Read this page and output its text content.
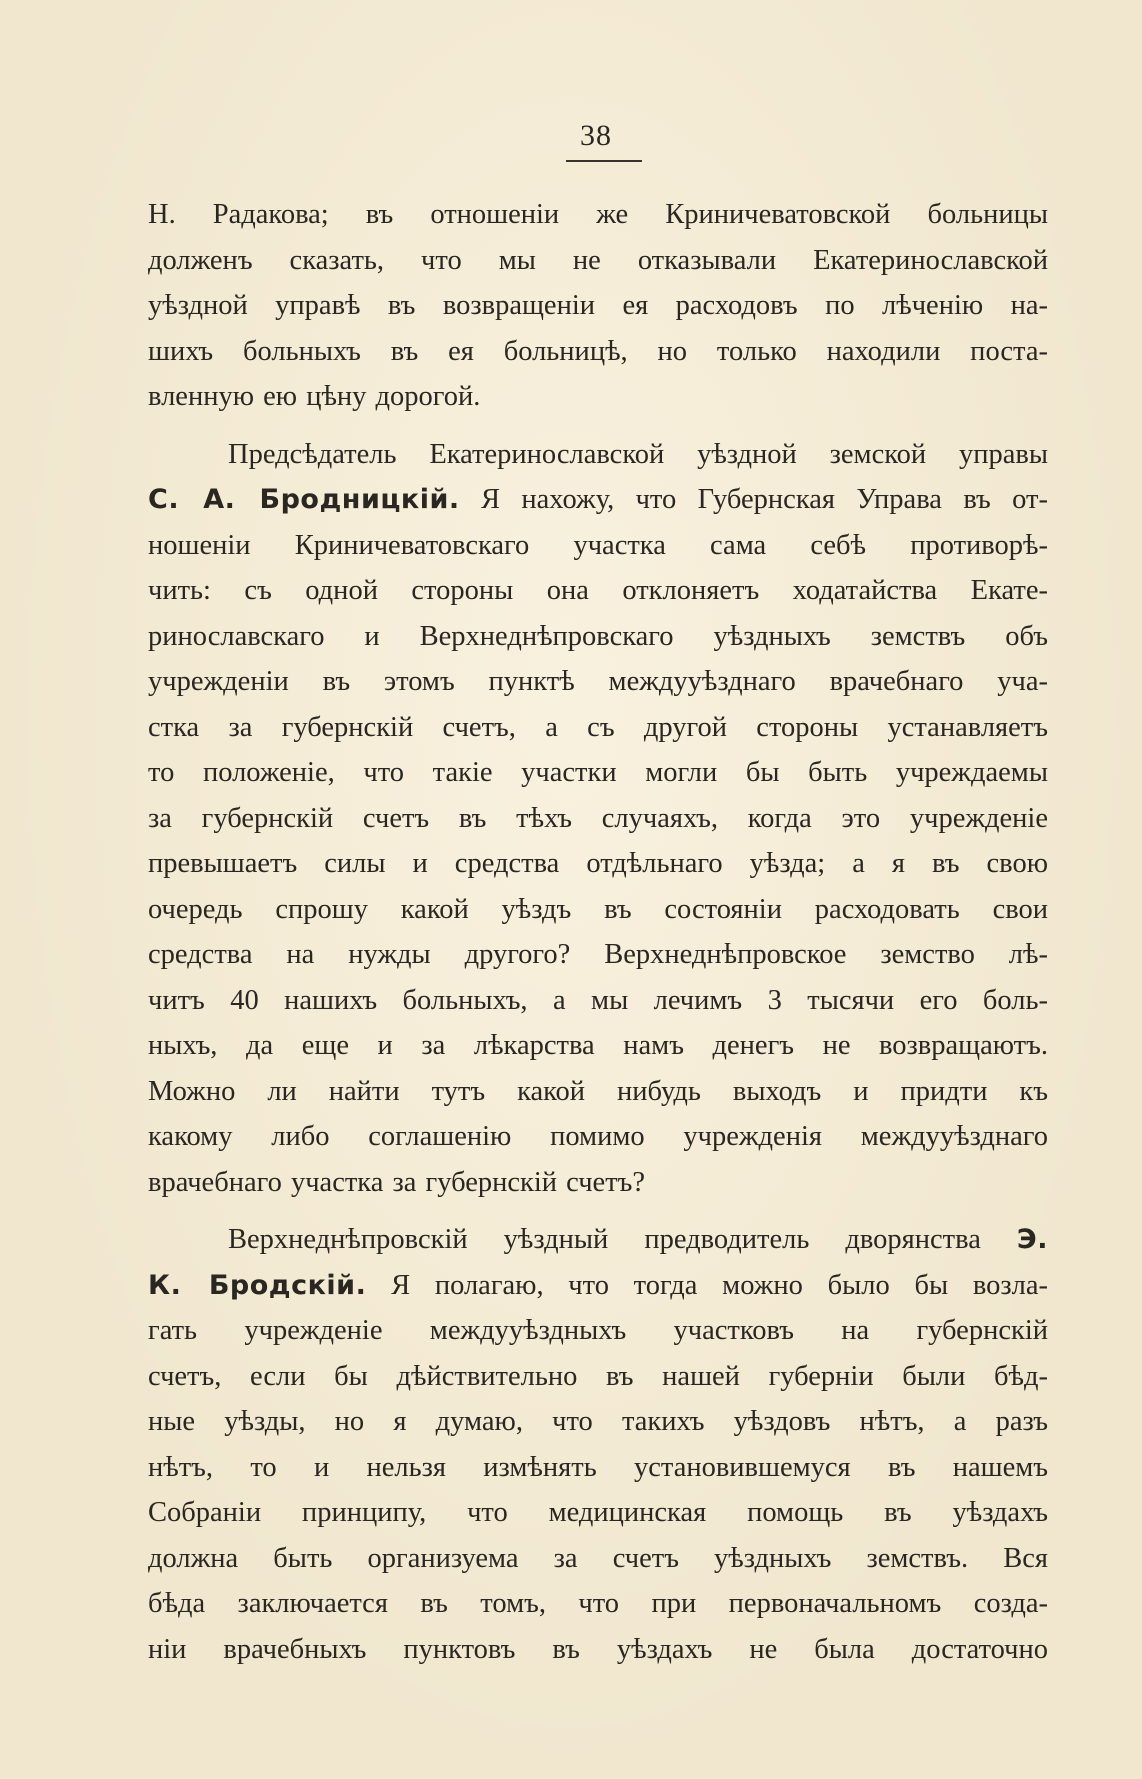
38
Н. Радакова; въ отношеніи же Криничеватовской больницы
долженъ сказать, что мы не отказывали Екатеринославской
уѣздной управѣ въ возвращеніи ея расходовъ по лѣченію на-
шихъ больныхъ въ ея больницѣ, но только находили поста-
вленную ею цѣну дорогой.
Предсѣдатель Екатеринославской уѣздной земской управы
С. А. Бродницкій. Я нахожу, что Губернская Управа въ от-
ношеніи Криничеватовскаго участка сама себѣ противорѣ-
чить: съ одной стороны она отклоняетъ ходатайства Екате-
ринославскаго и Верхнеднѣпровскаго уѣздныхъ земствъ объ
учрежденіи въ этомъ пунктѣ междууѣзднаго врачебнаго уча-
стка за губернскій счетъ, а съ другой стороны устанавляетъ
то положеніе, что такіе участки могли бы быть учреждаемы
за губернскій счетъ въ тѣхъ случаяхъ, когда это учрежденіе
превышаетъ силы и средства отдѣльнаго уѣзда; а я въ свою
очередь спрошу какой уѣздъ въ состояніи расходовать свои
средства на нужды другого? Верхнеднѣпровское земство лѣ-
читъ 40 нашихъ больныхъ, а мы лечимъ 3 тысячи его боль-
ныхъ, да еще и за лѣкарства намъ денегъ не возвращаютъ.
Можно ли найти тутъ какой нибудь выходъ и придти къ
какому либо соглашенію помимо учрежденія междууѣзднаго
врачебнаго участка за губернскій счетъ?
Верхнеднѣпровскій уѣздный предводитель дворянства Э.
К. Бродскій. Я полагаю, что тогда можно было бы возла-
гать учрежденіе междууѣздныхъ участковъ на губернскій
счетъ, если бы дѣйствительно въ нашей губерніи были бѣд-
ные уѣзды, но я думаю, что такихъ уѣздовъ нѣтъ, а разъ
нѣтъ, то и нельзя измѣнять установившемуся въ нашемъ
Собраніи принципу, что медицинская помощь въ уѣздахъ
должна быть организуема за счетъ уѣздныхъ земствъ. Вся
бѣда заключается въ томъ, что при первоначальномъ созда-
ніи врачебныхъ пунктовъ въ уѣздахъ не была достаточно
